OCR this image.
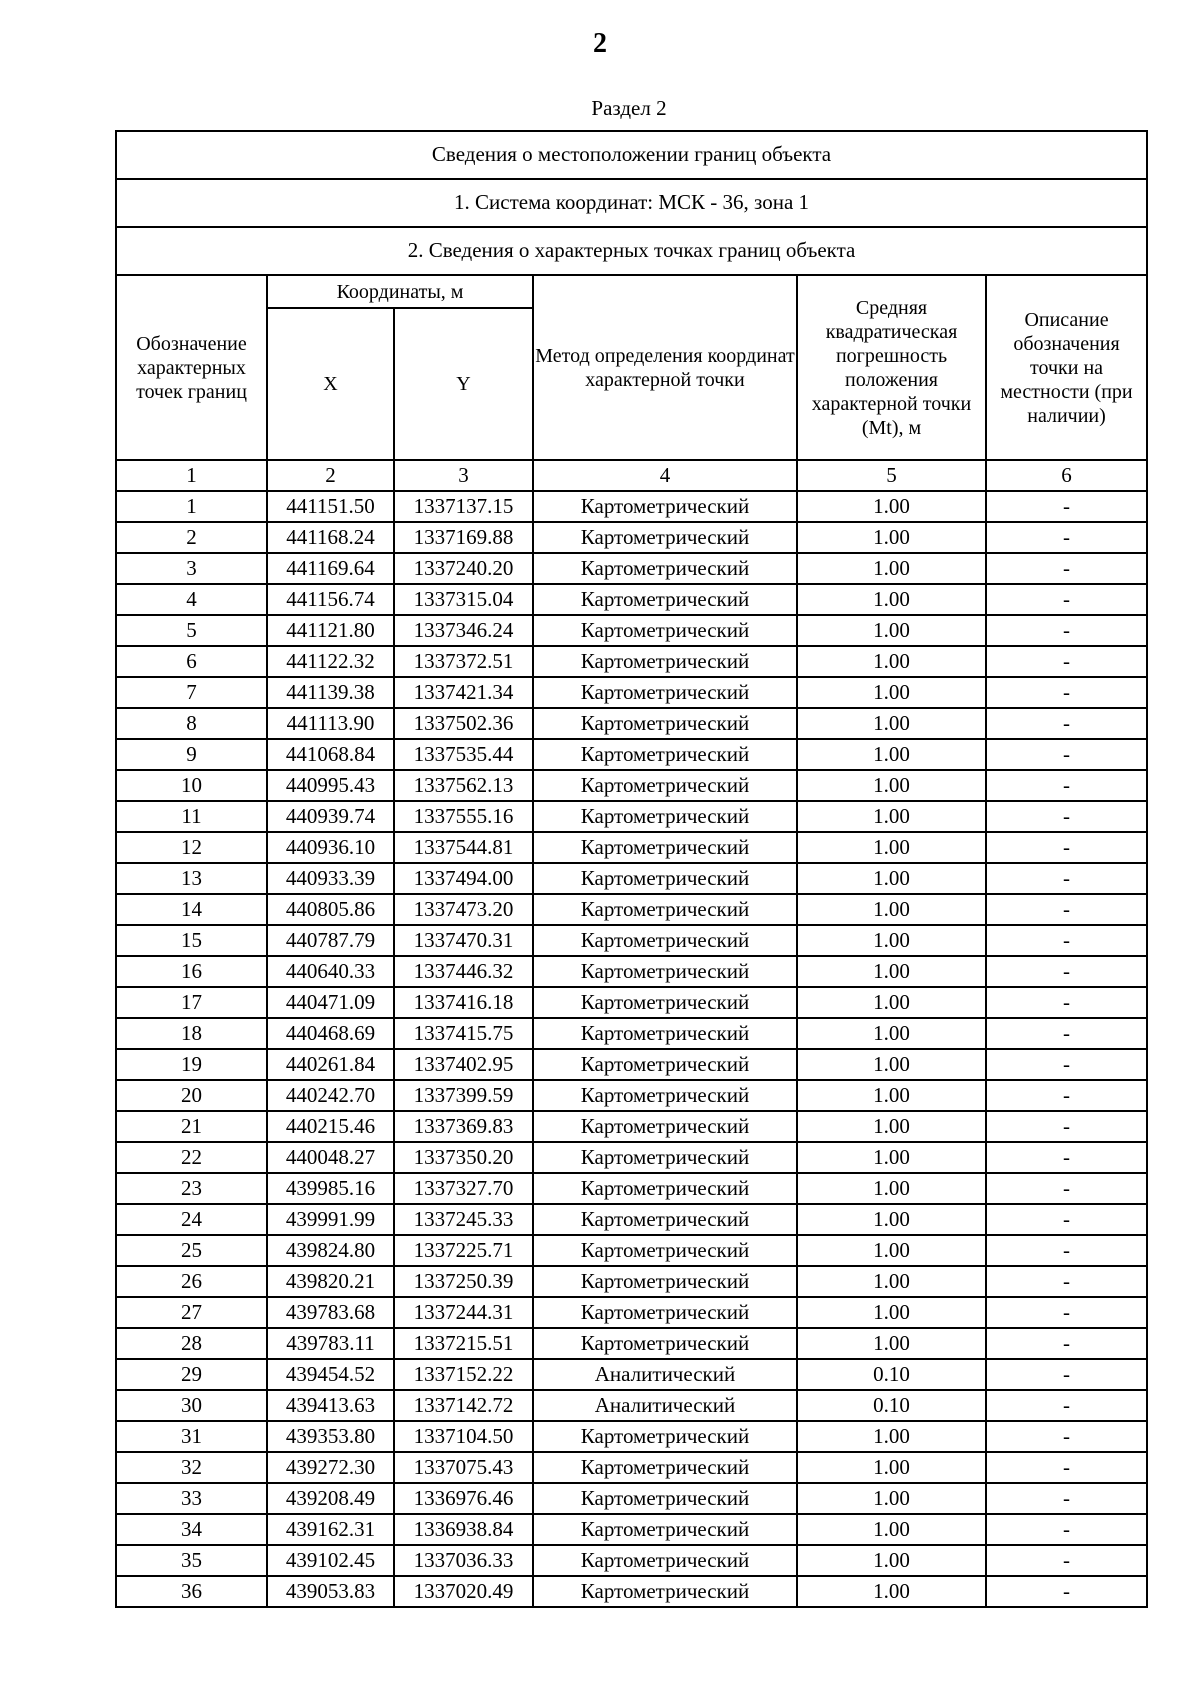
2
Раздел 2
Сведения о местоположении границ объекта					
1. Система координат: МСК - 36, зона 1					
2. Сведения о характерных точках границ объекта					
Обозначение характерных точек границ	Координаты, м		Метод определения координат характерной точки	Средняя квадратическая погрешность положения характерной точки (Mt), м	Описание обозначения точки на местности (при наличии)
	X	Y			
1	2	3	4	5	6
1	441151.50	1337137.15	Картометрический	1.00	-
2	441168.24	1337169.88	Картометрический	1.00	-
3	441169.64	1337240.20	Картометрический	1.00	-
4	441156.74	1337315.04	Картометрический	1.00	-
5	441121.80	1337346.24	Картометрический	1.00	-
6	441122.32	1337372.51	Картометрический	1.00	-
7	441139.38	1337421.34	Картометрический	1.00	-
8	441113.90	1337502.36	Картометрический	1.00	-
9	441068.84	1337535.44	Картометрический	1.00	-
10	440995.43	1337562.13	Картометрический	1.00	-
11	440939.74	1337555.16	Картометрический	1.00	-
12	440936.10	1337544.81	Картометрический	1.00	-
13	440933.39	1337494.00	Картометрический	1.00	-
14	440805.86	1337473.20	Картометрический	1.00	-
15	440787.79	1337470.31	Картометрический	1.00	-
16	440640.33	1337446.32	Картометрический	1.00	-
17	440471.09	1337416.18	Картометрический	1.00	-
18	440468.69	1337415.75	Картометрический	1.00	-
19	440261.84	1337402.95	Картометрический	1.00	-
20	440242.70	1337399.59	Картометрический	1.00	-
21	440215.46	1337369.83	Картометрический	1.00	-
22	440048.27	1337350.20	Картометрический	1.00	-
23	439985.16	1337327.70	Картометрический	1.00	-
24	439991.99	1337245.33	Картометрический	1.00	-
25	439824.80	1337225.71	Картометрический	1.00	-
26	439820.21	1337250.39	Картометрический	1.00	-
27	439783.68	1337244.31	Картометрический	1.00	-
28	439783.11	1337215.51	Картометрический	1.00	-
29	439454.52	1337152.22	Аналитический	0.10	-
30	439413.63	1337142.72	Аналитический	0.10	-
31	439353.80	1337104.50	Картометрический	1.00	-
32	439272.30	1337075.43	Картометрический	1.00	-
33	439208.49	1336976.46	Картометрический	1.00	-
34	439162.31	1336938.84	Картометрический	1.00	-
35	439102.45	1337036.33	Картометрический	1.00	-
36	439053.83	1337020.49	Картометрический	1.00	-
